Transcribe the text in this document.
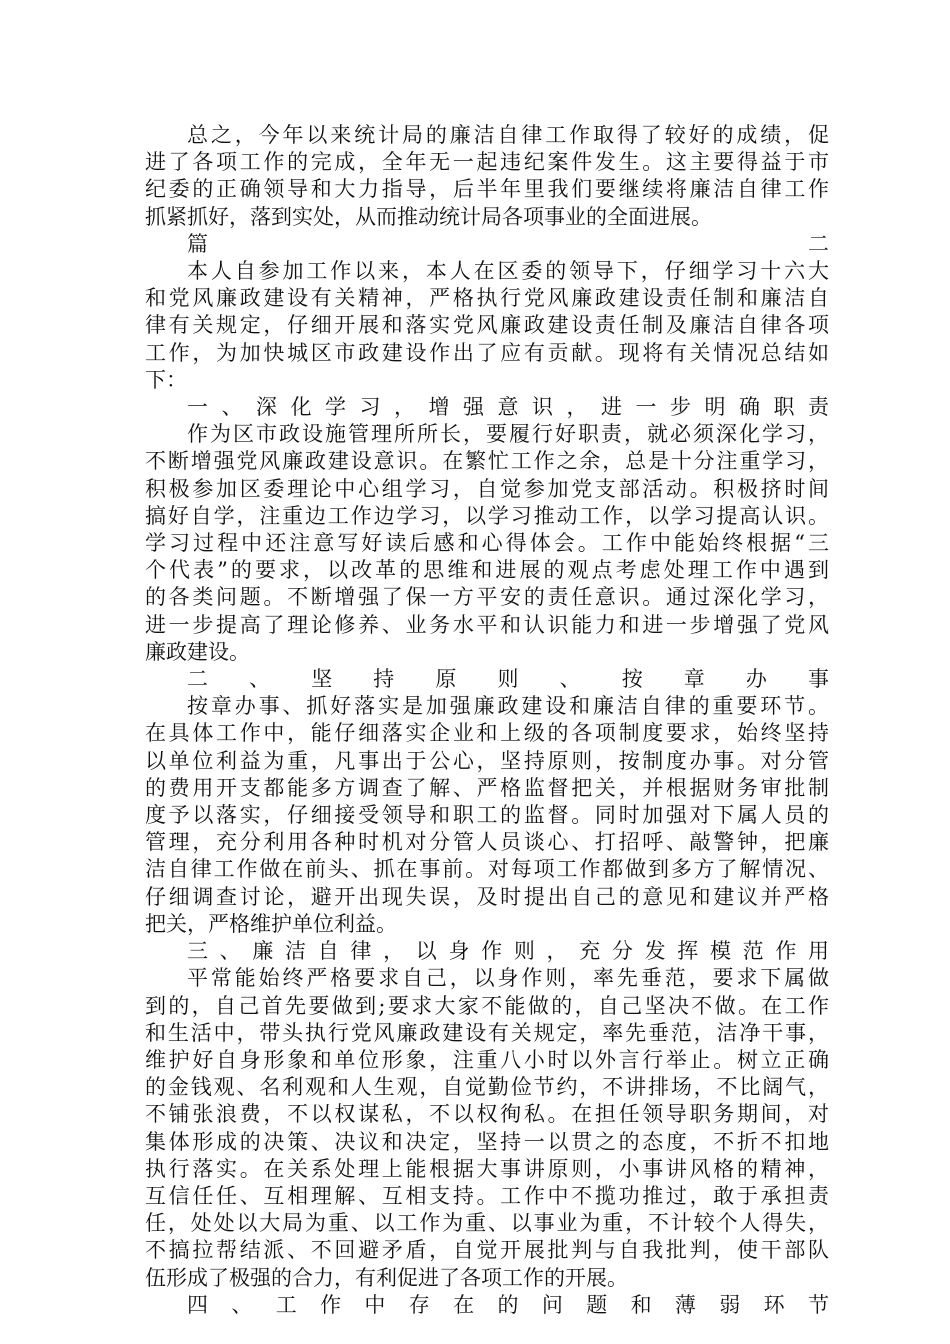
总之，今年以来统计局的廉洁自律工作取得了较好的成绩，促
进了各项工作的完成，全年无一起违纪案件发生。这主要得益于市
纪委的正确领导和大力指导，后半年里我们要继续将廉洁自律工作
抓紧抓好，落到实处，从而推动统计局各项事业的全面进展。
篇二
本人自参加工作以来，本人在区委的领导下，仔细学习十六大
和党风廉政建设有关精神，严格执行党风廉政建设责任制和廉洁自
律有关规定，仔细开展和落实党风廉政建设责任制及廉洁自律各项
工作，为加快城区市政建设作出了应有贡献。现将有关情况总结如
下：
一、深化学习，增强意识，进一步明确职责
作为区市政设施管理所所长，要履行好职责，就必须深化学习，
不断增强党风廉政建设意识。在繁忙工作之余，总是十分注重学习，
积极参加区委理论中心组学习，自觉参加党支部活动。积极挤时间
搞好自学，注重边工作边学习，以学习推动工作，以学习提高认识。
学习过程中还注意写好读后感和心得体会。工作中能始终根据“三
个代表”的要求，以改革的思维和进展的观点考虑处理工作中遇到
的各类问题。不断增强了保一方平安的责任意识。通过深化学习，
进一步提高了理论修养、业务水平和认识能力和进一步增强了党风
廉政建设。
二、坚持原则、按章办事
按章办事、抓好落实是加强廉政建设和廉洁自律的重要环节。
在具体工作中，能仔细落实企业和上级的各项制度要求，始终坚持
以单位利益为重，凡事出于公心，坚持原则，按制度办事。对分管
的费用开支都能多方调查了解、严格监督把关，并根据财务审批制
度予以落实，仔细接受领导和职工的监督。同时加强对下属人员的
管理，充分利用各种时机对分管人员谈心、打招呼、敲警钟，把廉
洁自律工作做在前头、抓在事前。对每项工作都做到多方了解情况、
仔细调查讨论，避开出现失误，及时提出自己的意见和建议并严格
把关，严格维护单位利益。
三、廉洁自律，以身作则，充分发挥模范作用
平常能始终严格要求自己，以身作则，率先垂范，要求下属做
到的，自己首先要做到;要求大家不能做的，自己坚决不做。在工作
和生活中，带头执行党风廉政建设有关规定，率先垂范，洁净干事，
维护好自身形象和单位形象，注重八小时以外言行举止。树立正确
的金钱观、名利观和人生观，自觉勤俭节约，不讲排场，不比阔气，
不铺张浪费，不以权谋私，不以权徇私。在担任领导职务期间，对
集体形成的决策、决议和决定，坚持一以贯之的态度，不折不扣地
执行落实。在关系处理上能根据大事讲原则，小事讲风格的精神，
互信任任、互相理解、互相支持。工作中不揽功推过，敢于承担责
任，处处以大局为重、以工作为重、以事业为重，不计较个人得失，
不搞拉帮结派、不回避矛盾，自觉开展批判与自我批判，使干部队
伍形成了极强的合力，有利促进了各项工作的开展。
四、工作中存在的问题和薄弱环节
